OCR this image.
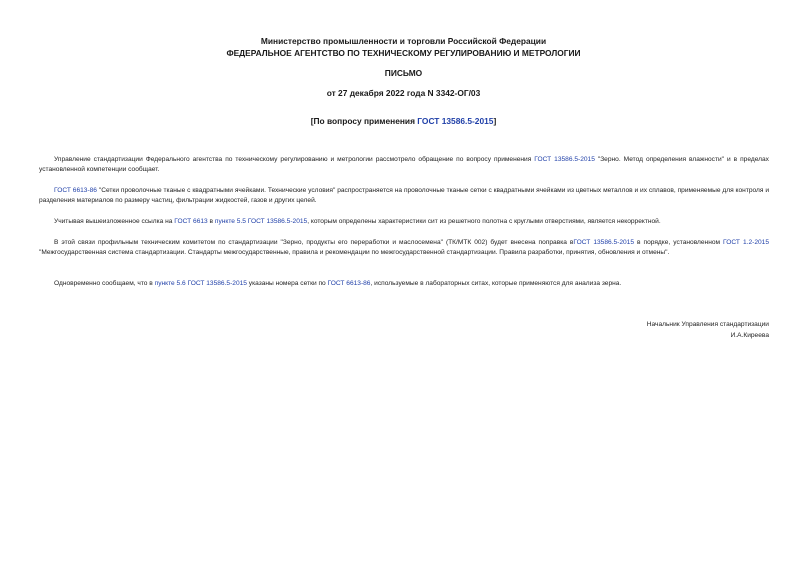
Министерство промышленности и торговли Российской Федерации
ФЕДЕРАЛЬНОЕ АГЕНТСТВО ПО ТЕХНИЧЕСКОМУ РЕГУЛИРОВАНИЮ И МЕТРОЛОГИИ
ПИСЬМО
от 27 декабря 2022 года N 3342-ОГ/03
[По вопросу применения ГОСТ 13586.5-2015]
Управление стандартизации Федерального агентства по техническому регулированию и метрологии рассмотрело обращение по вопросу применения ГОСТ 13586.5-2015 "Зерно. Метод определения влажности" и в пределах установленной компетенции сообщает.
ГОСТ 6613-86 "Сетки проволочные тканые с квадратными ячейками. Технические условия" распространяется на проволочные тканые сетки с квадратными ячейками из цветных металлов и их сплавов, применяемые для контроля и разделения материалов по размеру частиц, фильтрации жидкостей, газов и других целей.
Учитывая вышеизложенное ссылка на ГОСТ 6613 в пункте 5.5 ГОСТ 13586.5-2015, которым определены характеристики сит из решетного полотна с круглыми отверстиями, является некорректной.
В этой связи профильным техническим комитетом по стандартизации "Зерно, продукты его переработки и маслосемена" (ТК/МТК 002) будет внесена поправка вГОСТ 13586.5-2015 в порядке, установленном ГОСТ 1.2-2015 "Межгосударственная система стандартизации. Стандарты межгосударственные, правила и рекомендации по межгосударственной стандартизации. Правила разработки, принятия, обновления и отмены".
Одновременно сообщаем, что в пункте 5.6 ГОСТ 13586.5-2015 указаны номера сетки по ГОСТ 6613-86, используемые в лабораторных ситах, которые применяются для анализа зерна.
Начальник Управления стандартизации
И.А.Киреева
